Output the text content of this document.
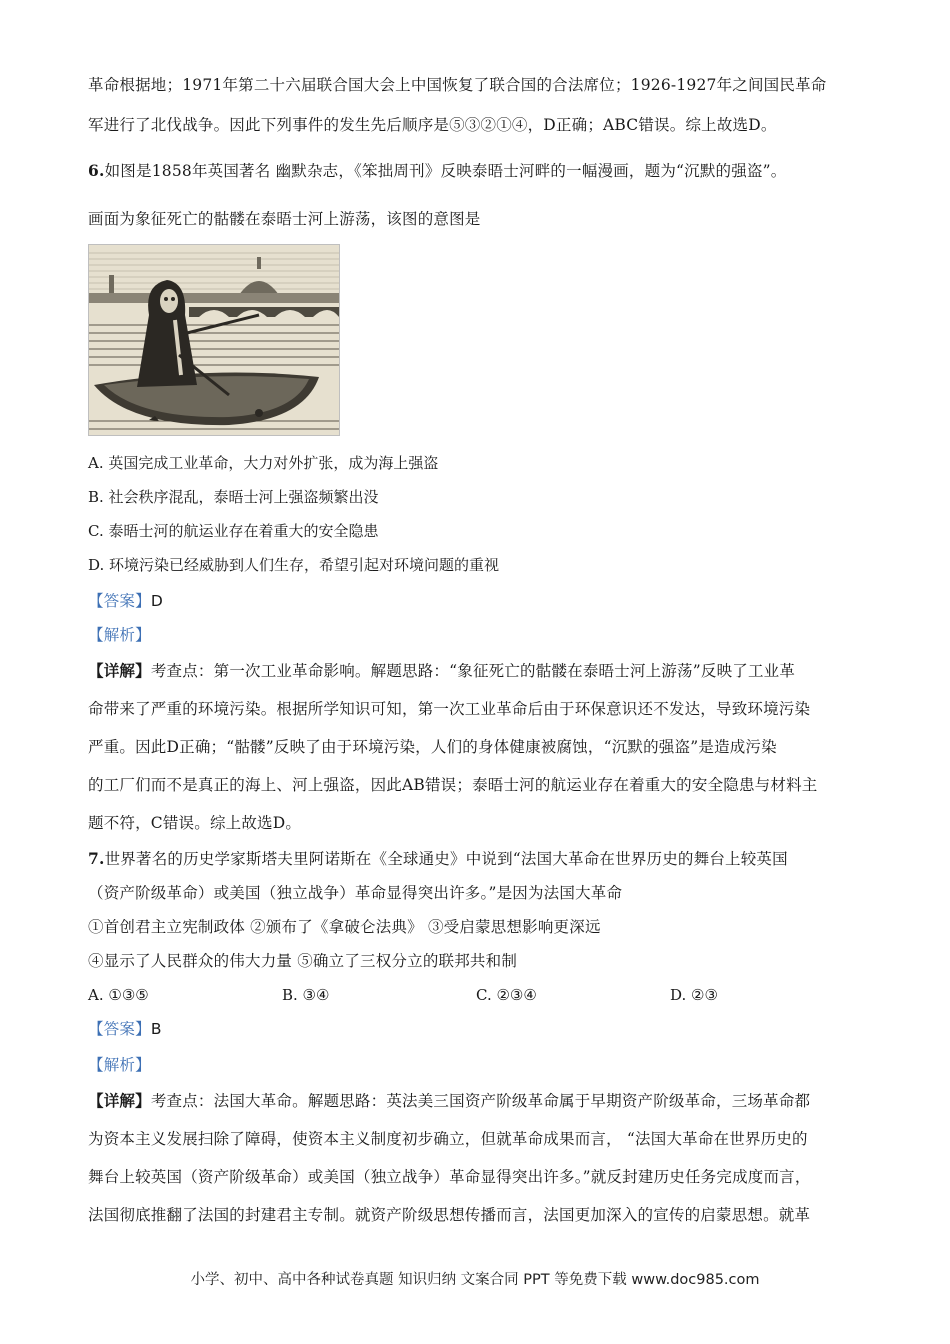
革命根据地；1971年第二十六届联合国大会上中国恢复了联合国的合法席位；1926-1927年之间国民革命
军进行了北伐战争。因此下列事件的发生先后顺序是⑤③②①④，D正确；ABC错误。综上故选D。
6.如图是1858年英国著名 幽默杂志，《笨拙周刊》反映泰晤士河畔的一幅漫画，题为“沉默的强盗”。
画面为象征死亡的骷髅在泰晤士河上游荡，该图的意图是
A. 英国完成工业革命，大力对外扩张，成为海上强盗
B. 社会秩序混乱，泰晤士河上强盗频繁出没
C. 泰晤士河的航运业存在着重大的安全隐患
D. 环境污染已经威胁到人们生存，希望引起对环境问题的重视
【答案】D
【解析】
【详解】考查点：第一次工业革命影响。解题思路：“象征死亡的骷髅在泰晤士河上游荡”反映了工业革
命带来了严重的环境污染。根据所学知识可知，第一次工业革命后由于环保意识还不发达，导致环境污染
严重。因此D正确；“骷髅”反映了由于环境污染，人们的身体健康被腐蚀，“沉默的强盗”是造成污染
的工厂们而不是真正的海上、河上强盗，因此AB错误；泰晤士河的航运业存在着重大的安全隐患与材料主
题不符，C错误。综上故选D。
7.世界著名的历史学家斯塔夫里阿诺斯在《全球通史》中说到“法国大革命在世界历史的舞台上较英国
（资产阶级革命）或美国（独立战争）革命显得突出许多。”是因为法国大革命
①首创君主立宪制政体 ②颁布了《拿破仑法典》 ③受启蒙思想影响更深远
④显示了人民群众的伟大力量 ⑤确立了三权分立的联邦共和制
A. ①③⑤	B. ③④	C. ②③④	D. ②③
【答案】B
【解析】
【详解】考查点：法国大革命。解题思路：英法美三国资产阶级革命属于早期资产阶级革命，三场革命都
为资本主义发展扫除了障碍，使资本主义制度初步确立，但就革命成果而言， “法国大革命在世界历史的
舞台上较英国（资产阶级革命）或美国（独立战争）革命显得突出许多。”就反封建历史任务完成度而言，
法国彻底推翻了法国的封建君主专制。就资产阶级思想传播而言，法国更加深入的宣传的启蒙思想。就革
小学、初中、高中各种试卷真题 知识归纳 文案合同 PPT 等免费下载 www.doc985.com
